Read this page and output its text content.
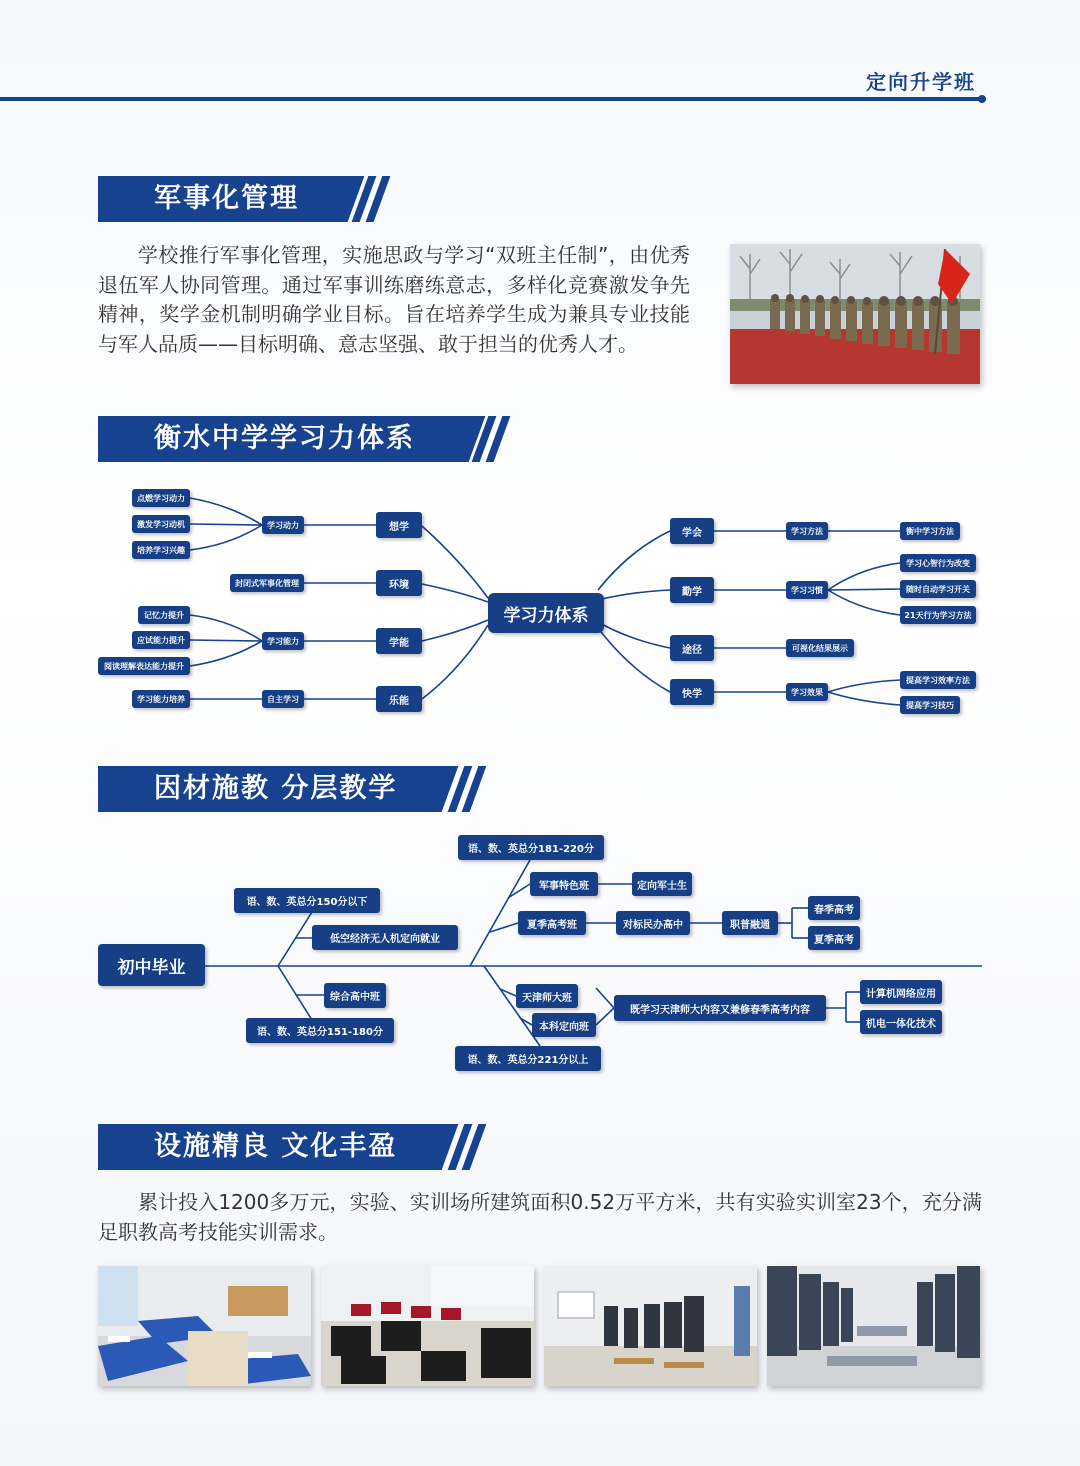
定向升学班
军事化管理
学校推行军事化管理，实施思政与学习“双班主任制”，由优秀退伍军人协同管理。通过军事训练磨练意志，多样化竞赛激发争先精神，奖学金机制明确学业目标。旨在培养学生成为兼具专业技能与军人品质——目标明确、意志坚强、敢于担当的优秀人才。
衡水中学学习力体系
学习力体系
想学
环境
学能
乐能
学习动力
封闭式军事化管理
学习能力
自主学习
点燃学习动力
激发学习动机
培养学习兴趣
记忆力提升
应试能力提升
阅读理解表达能力提升
学习能力培养
学会
勤学
途径
快学
学习方法
学习习惯
可视化结果展示
学习效果
衡中学习方法
学习心智行为改变
随时自动学习开关
21天行为学习方法
提高学习效率方法
提高学习技巧
因材施教 分层教学
初中毕业
语、数、英总分150分以下
低空经济无人机定向就业
综合高中班
语、数、英总分151-180分
语、数、英总分181-220分
军事特色班	定向军士生
夏季高考班	对标民办高中	职普融通
春季高考
夏季高考
天津师大班
本科定向班
语、数、英总分221分以上
既学习天津师大内容又兼修春季高考内容
计算机网络应用
机电一体化技术
设施精良 文化丰盈
累计投入1200多万元，实验、实训场所建筑面积0.52万平方米，共有实验实训室23个，充分满足职教高考技能实训需求。
